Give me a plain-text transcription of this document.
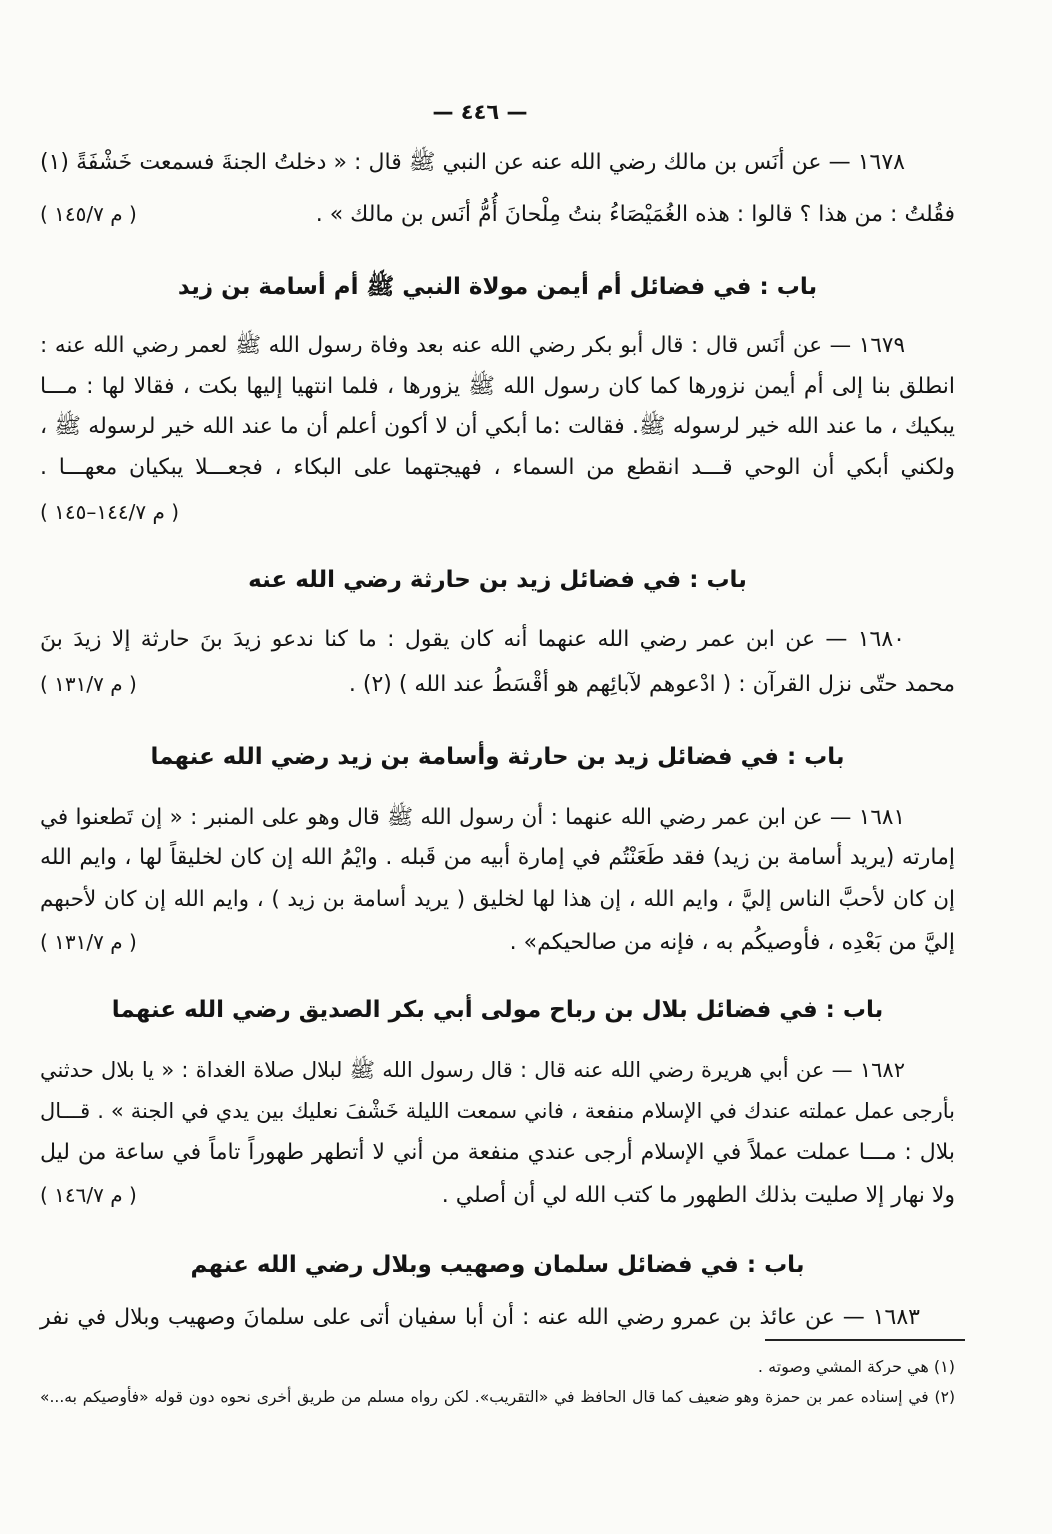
— ٤٤٦ —
١٦٧٨ — عن أنَس بن مالك رضي الله عنه عن النبي ﷺ قال : « دخلتُ الجنةَ فسمعت خَشْفَةً (١)
فقُلتُ : من هذا ؟ قالوا : هذه الغُمَيْصَاءُ بنتُ مِلْحانَ أُمُّ أنَس بن مالك » .
( م ١٤٥/٧ )
باب : في فضائل أم أيمن مولاة النبي ﷺ أم أسامة بن زيد
١٦٧٩ — عن أنَس قال : قال أبو بكر رضي الله عنه بعد وفاة رسول الله ﷺ لعمر رضي الله عنه :
انطلق بنا إلى أم أيمن نزورها كما كان رسول الله ﷺ يزورها ، فلما انتهيا إليها بكت ، فقالا لها : مـــا
يبكيك ، ما عند الله خير لرسوله ﷺ. فقالت :ما أبكي أن لا أكون أعلم أن ما عند الله خير لرسوله ﷺ ،
ولكني أبكي أن الوحي قـــد انقطع من السماء ، فهيجتهما على البكاء ، فجعـــلا يبكيان معهـــا .
( م ١٤٤/٧–١٤٥ )
باب : في فضائل زيد بن حارثة رضي الله عنه
١٦٨٠ — عن ابن عمر رضي الله عنهما أنه كان يقول : ما كنا ندعو زيدَ بنَ حارثة إلا زيدَ بنَ
محمد حتّى نزل القرآن : ( ادْعوهم لآبائِهم هو أقْسَطُ عند الله ) (٢) .
( م ١٣١/٧ )
باب : في فضائل زيد بن حارثة وأسامة بن زيد رضي الله عنهما
١٦٨١ — عن ابن عمر رضي الله عنهما : أن رسول الله ﷺ قال وهو على المنبر : « إن تَطعنوا في
إمارته (يريد أسامة بن زيد) فقد طَعَنْتُم في إمارة أبيه من قَبله . وايْمُ الله إن كان لخليقاً لها ، وايم الله
إن كان لأحبَّ الناس إليَّ ، وايم الله ، إن هذا لها لخليق ( يريد أسامة بن زيد ) ، وايم الله إن كان لأحبهم
إليَّ من بَعْدِه ، فأوصيكُم به ، فإنه من صالحيكم» .
( م ١٣١/٧ )
باب : في فضائل بلال بن رباح مولى أبي بكر الصديق رضي الله عنهما
١٦٨٢ — عن أبي هريرة رضي الله عنه قال : قال رسول الله ﷺ لبلال صلاة الغداة : « يا بلال حدثني
بأرجى عمل عملته عندك في الإسلام منفعة ، فاني سمعت الليلة خَشْفَ نعليك بين يدي في الجنة » . قـــال
بلال : مـــا عملت عملاً في الإسلام أرجى عندي منفعة من أني لا أتطهر طهوراً تاماً في ساعة من ليل
ولا نهار إلا صليت بذلك الطهور ما كتب الله لي أن أصلي .
( م ١٤٦/٧ )
باب : في فضائل سلمان وصهيب وبلال رضي الله عنهم
١٦٨٣ — عن عائذ بن عمرو رضي الله عنه : أن أبا سفيان أتى على سلمانَ وصهيب وبلال في نفر
(١) هي حركة المشي وصوته .
(٢) في إسناده عمر بن حمزة وهو ضعيف كما قال الحافظ في «التقريب». لكن رواه مسلم من طريق أخرى نحوه دون قوله «فأوصيكم به...»
